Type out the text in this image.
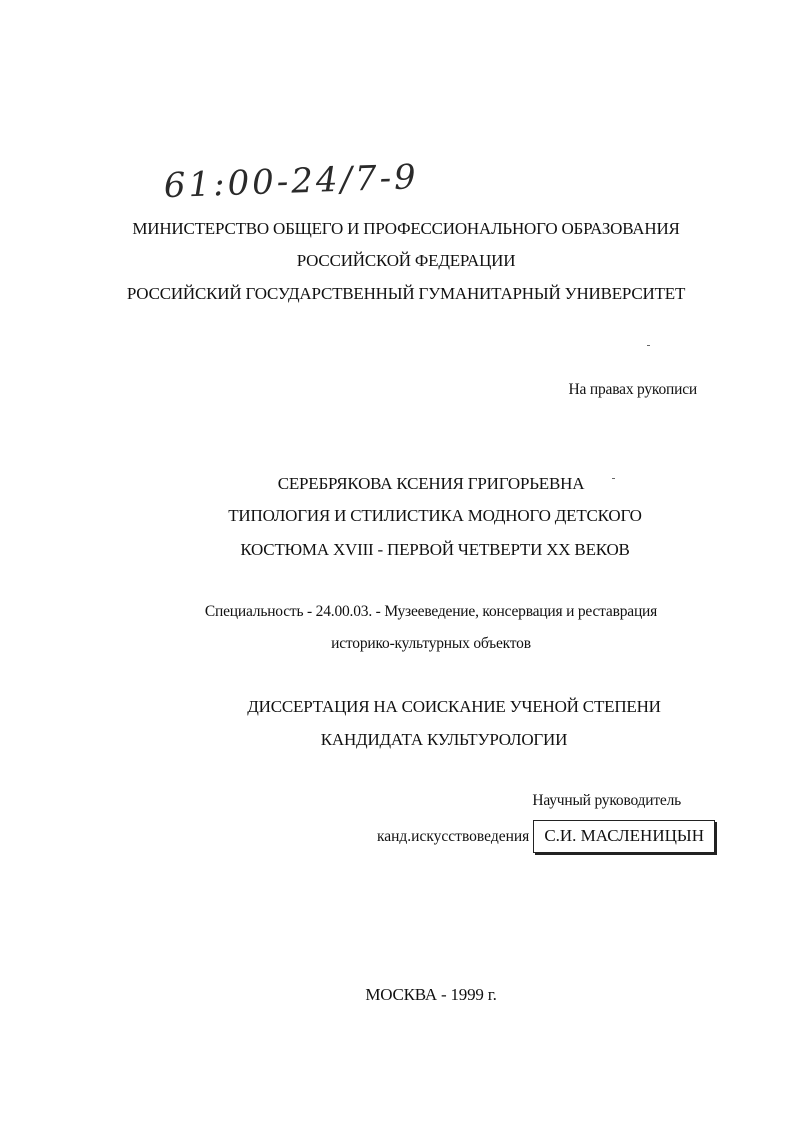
61:00-24/7-9
МИНИСТЕРСТВО ОБЩЕГО И ПРОФЕССИОНАЛЬНОГО ОБРАЗОВАНИЯ
РОССИЙСКОЙ ФЕДЕРАЦИИ
РОССИЙСКИЙ ГОСУДАРСТВЕННЫЙ ГУМАНИТАРНЫЙ УНИВЕРСИТЕТ
На правах рукописи
СЕРЕБРЯКОВА КСЕНИЯ ГРИГОРЬЕВНА
ТИПОЛОГИЯ И СТИЛИСТИКА МОДНОГО ДЕТСКОГО
КОСТЮМА XVIII - ПЕРВОЙ ЧЕТВЕРТИ XX ВЕКОВ
Специальность - 24.00.03. - Музееведение, консервация и реставрация
историко-культурных объектов
ДИССЕРТАЦИЯ НА СОИСКАНИЕ УЧЕНОЙ СТЕПЕНИ
КАНДИДАТА КУЛЬТУРОЛОГИИ
Научный руководитель
канд.искусствоведения С.И. МАСЛЕНИЦЫН
МОСКВА - 1999 г.
